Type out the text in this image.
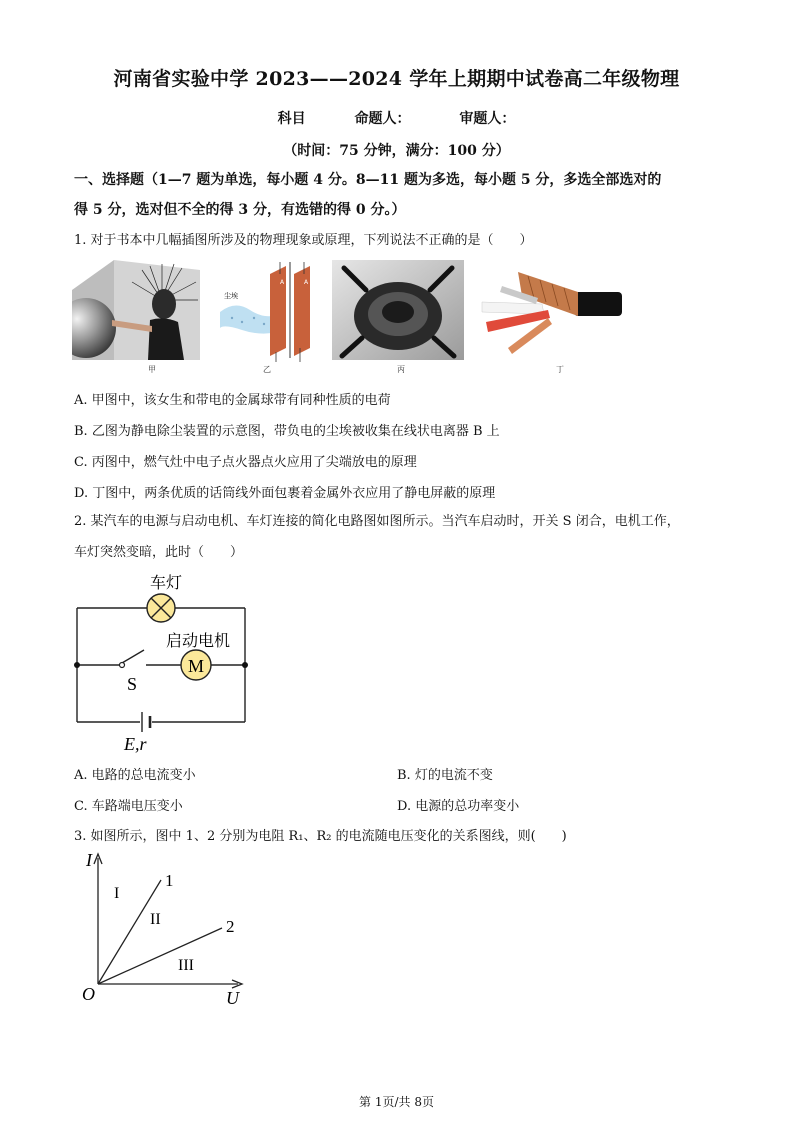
河南省实验中学 2023——2024 学年上期期中试卷高二年级物理
科目	命题人：	审题人：
（时间：75 分钟，满分：100 分）
一、选择题（1—7 题为单选，每小题 4 分。8—11 题为多选，每小题 5 分，多选全部选对的
得 5 分，选对但不全的得 3 分，有选错的得 0 分。）
1. 对于书本中几幅插图所涉及的物理现象或原理，下列说法不正确的是（　　）
甲
尘埃
A	A
乙	丙	丁
A. 甲图中，该女生和带电的金属球带有同种性质的电荷
B. 乙图为静电除尘装置的示意图，带负电的尘埃被收集在线状电离器 B 上
C. 丙图中，燃气灶中电子点火器点火应用了尖端放电的原理
D. 丁图中，两条优质的话筒线外面包裹着金属外衣应用了静电屏蔽的原理
2. 某汽车的电源与启动电机、车灯连接的简化电路图如图所示。当汽车启动时，开关 S 闭合，电机工作，
车灯突然变暗，此时（　　）
M
车灯
启动电机
S
E,r
A. 电路的总电流变小	B. 灯的电流不变
C. 车路端电压变小	D. 电源的总功率变小
3. 如图所示，图中 1、2 分别为电阻 R₁、R₂ 的电流随电压变化的关系图线，则(　　)
I
U
O
1
2
I
II
III
第 1页/共 8页
